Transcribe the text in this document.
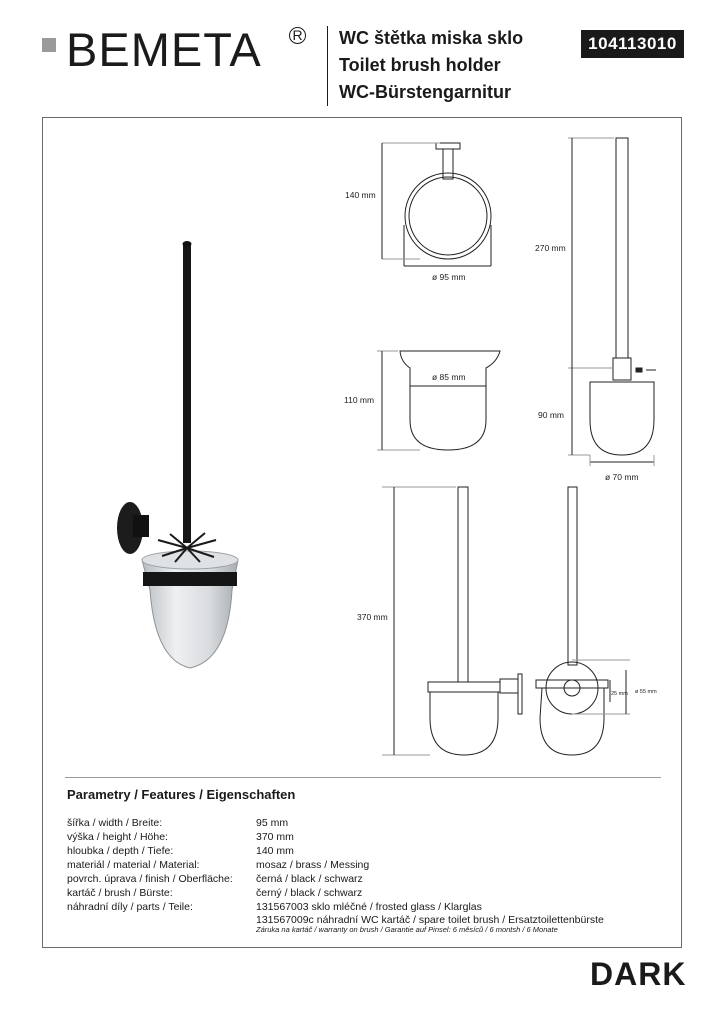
BEMETA R WC štětka miska sklo
Toilet brush holder
WC-Bürstengarnitur
104113010
140 mm
ø 95 mm
270 mm
ø 85 mm
110 mm
90 mm
ø 70 mm
370 mm
25 mm ø 55 mm
Parametry / Features / Eigenschaften
šířka / width / Breite:	95 mm
výška / height / Höhe:	370 mm
hloubka / depth / Tiefe:	140 mm
materiál / material / Material:	mosaz / brass / Messing
povrch. úprava / finish / Oberfläche: černá / black / schwarz
kartáč / brush / Bürste:	černý / black / schwarz
náhradní díly / parts / Teile:	131567003 sklo mléčné / frosted glass / Klarglas
131567009c náhradní WC kartáč / spare toilet brush / Ersatztoilettenbürste
Záruka na kartáč / warranty on brush / Garantie auf Pinsel: 6 měsíců / 6 montsh / 6 Monate
DARK
